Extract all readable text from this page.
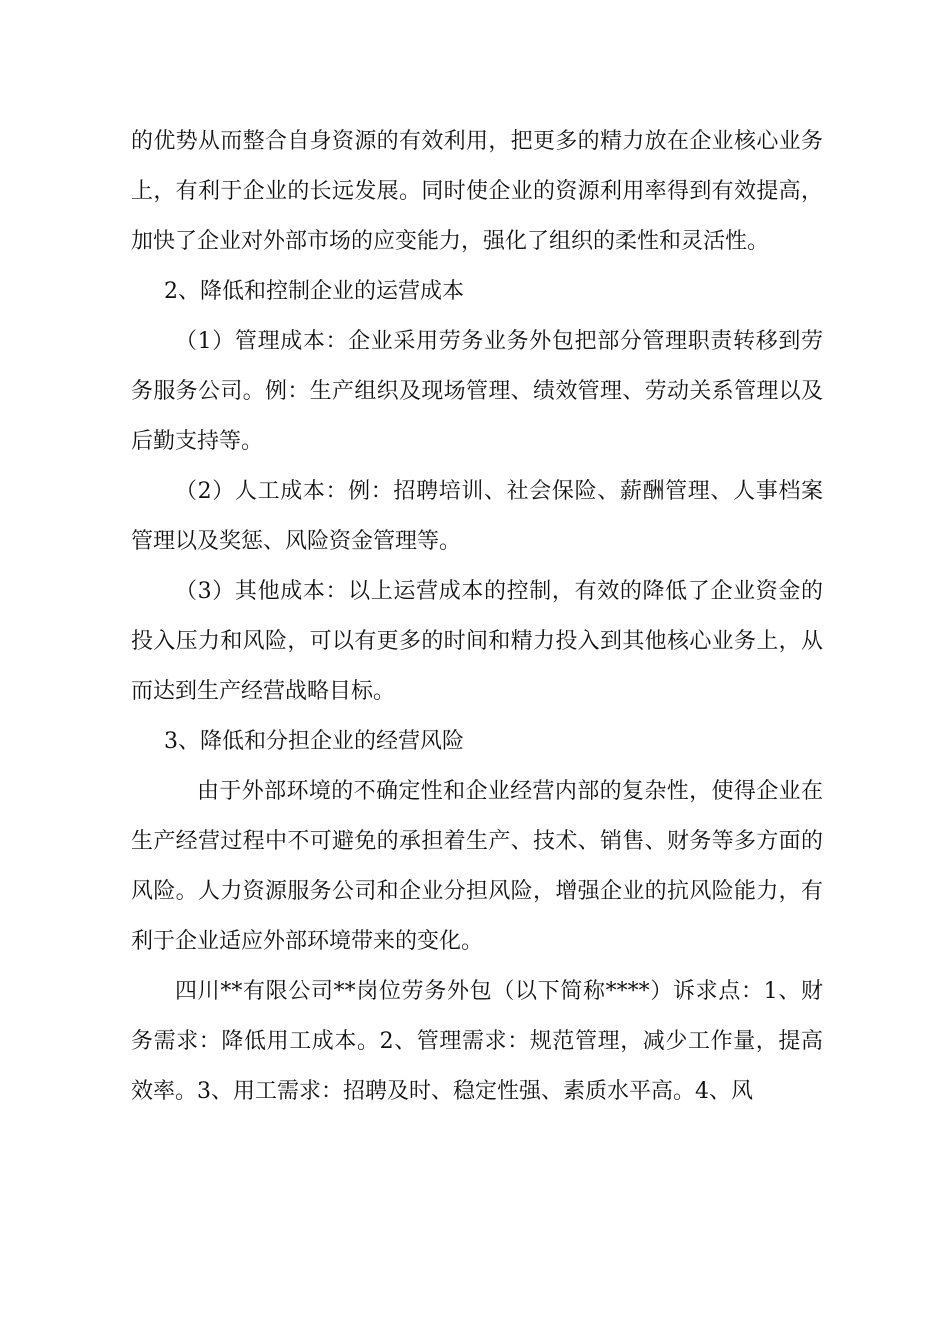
的优势从而整合自身资源的有效利用，把更多的精力放在企业核心业务上，有利于企业的长远发展。同时使企业的资源利用率得到有效提高，加快了企业对外部市场的应变能力，强化了组织的柔性和灵活性。

2、降低和控制企业的运营成本

（1）管理成本：企业采用劳务业务外包把部分管理职责转移到劳务服务公司。例：生产组织及现场管理、绩效管理、劳动关系管理以及后勤支持等。

（2）人工成本：例：招聘培训、社会保险、薪酬管理、人事档案管理以及奖惩、风险资金管理等。

（3）其他成本：以上运营成本的控制，有效的降低了企业资金的投入压力和风险，可以有更多的时间和精力投入到其他核心业务上，从而达到生产经营战略目标。

3、降低和分担企业的经营风险

由于外部环境的不确定性和企业经营内部的复杂性，使得企业在生产经营过程中不可避免的承担着生产、技术、销售、财务等多方面的风险。人力资源服务公司和企业分担风险，增强企业的抗风险能力，有利于企业适应外部环境带来的变化。

四川**有限公司**岗位劳务外包（以下简称****）诉求点：1、财务需求：降低用工成本。2、管理需求：规范管理，减少工作量，提高效率。3、用工需求：招聘及时、稳定性强、素质水平高。4、风
